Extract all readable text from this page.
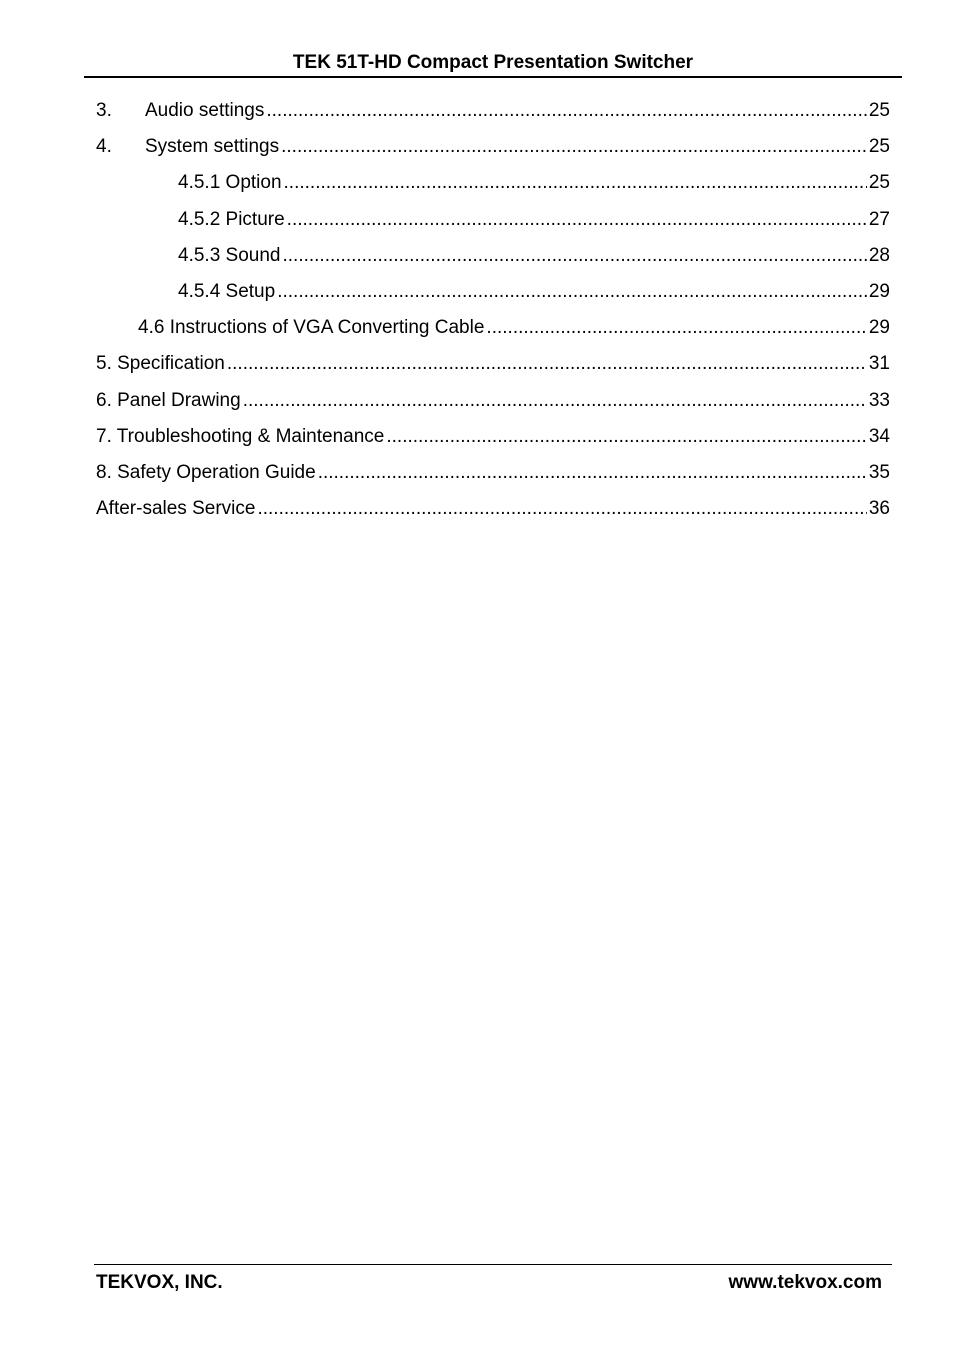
TEK 51T-HD Compact Presentation Switcher
3.	Audio settings .....	25
4.	System settings .....	25
4.5.1 Option .....	25
4.5.2 Picture .....	27
4.5.3 Sound .....	28
4.5.4 Setup .....	29
4.6 Instructions of VGA Converting Cable .....	29
5. Specification .....	31
6. Panel Drawing .....	33
7. Troubleshooting & Maintenance .....	34
8. Safety Operation Guide .....	35
After-sales Service .....	36
TEKVOX, INC.	www.tekvox.com
